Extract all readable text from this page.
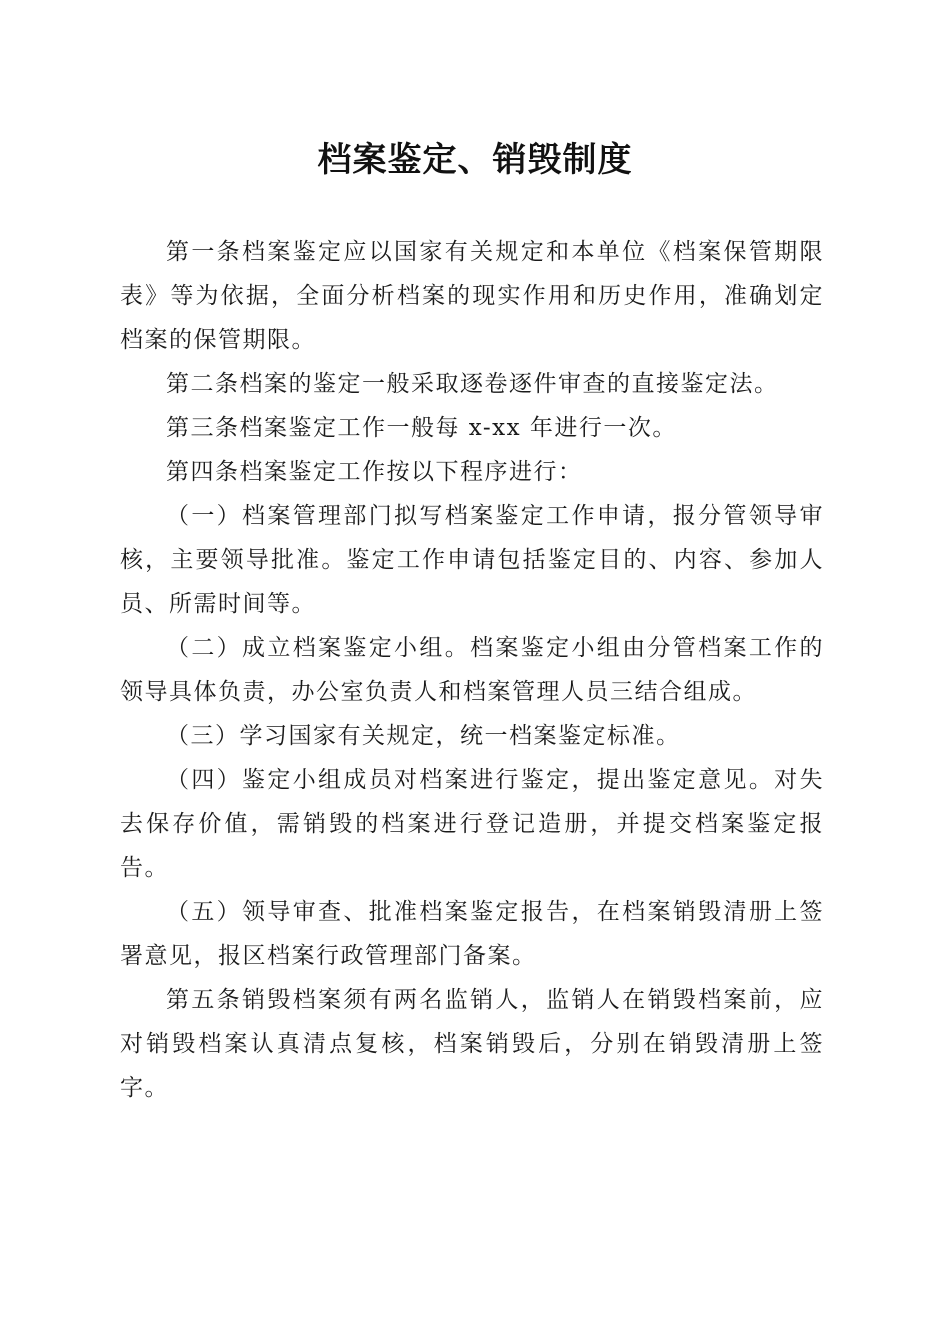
档案鉴定、销毁制度

第一条档案鉴定应以国家有关规定和本单位《档案保管期限表》等为依据，全面分析档案的现实作用和历史作用，准确划定档案的保管期限。

第二条档案的鉴定一般采取逐卷逐件审查的直接鉴定法。

第三条档案鉴定工作一般每 x-xx 年进行一次。

第四条档案鉴定工作按以下程序进行：

（一）档案管理部门拟写档案鉴定工作申请，报分管领导审核，主要领导批准。鉴定工作申请包括鉴定目的、内容、参加人员、所需时间等。

（二）成立档案鉴定小组。档案鉴定小组由分管档案工作的领导具体负责，办公室负责人和档案管理人员三结合组成。

（三）学习国家有关规定，统一档案鉴定标准。

（四）鉴定小组成员对档案进行鉴定，提出鉴定意见。对失去保存价值，需销毁的档案进行登记造册，并提交档案鉴定报告。

（五）领导审查、批准档案鉴定报告，在档案销毁清册上签署意见，报区档案行政管理部门备案。

第五条销毁档案须有两名监销人，监销人在销毁档案前，应对销毁档案认真清点复核，档案销毁后，分别在销毁清册上签字。
